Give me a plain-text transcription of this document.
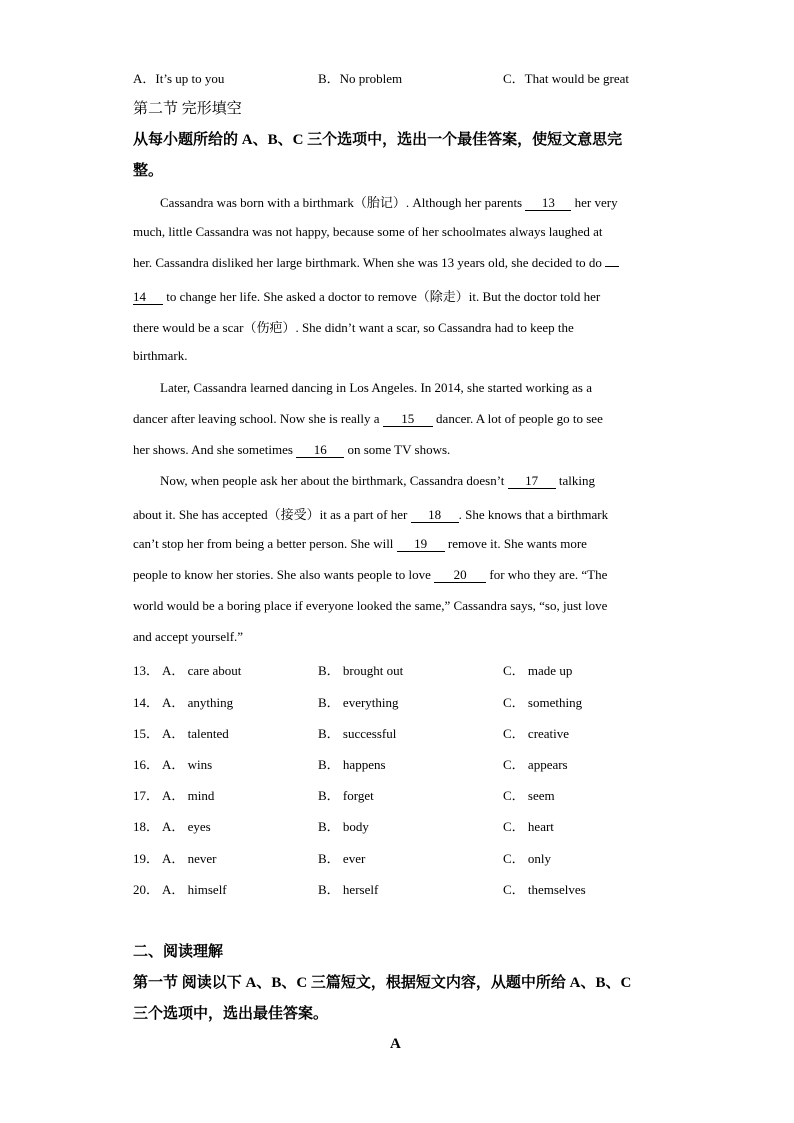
A．It’s up to you	B．No problem	C．That would be great
第二节 完形填空
从每小题所给的 A、B、C 三个选项中，选出一个最佳答案，使短文意思完
整。
Cassandra was born with a birthmark（胎记）. Although her parents 13 her very
much, little Cassandra was not happy, because some of her schoolmates always laughed at
her. Cassandra disliked her large birthmark. When she was 13 years old, she decided to do
14 to change her life. She asked a doctor to remove（除走）it. But the doctor told her
there would be a scar（伤疤）. She didn’t want a scar, so Cassandra had to keep the
birthmark.
Later, Cassandra learned dancing in Los Angeles. In 2014, she started working as a
dancer after leaving school. Now she is really a 15 dancer. A lot of people go to see
her shows. And she sometimes 16 on some TV shows.
Now, when people ask her about the birthmark, Cassandra doesn’t 17 talking
about it. She has accepted（接受）it as a part of her 18 . She knows that a birthmark
can’t stop her from being a better person. She will 19 remove it. She wants more
people to know her stories. She also wants people to love 20 for who they are. “The
world would be a boring place if everyone looked the same,” Cassandra says, “so, just love
and accept yourself.”
13． A． care about	B． brought out	C． made up
14． A． anything	B． everything	C． something
15． A． talented	B． successful	C． creative
16． A． wins	B． happens	C． appears
17． A． mind	B． forget	C． seem
18． A． eyes	B． body	C． heart
19． A． never	B． ever	C． only
20． A． himself	B． herself	C． themselves
二、阅读理解
第一节 阅读以下 A、B、C 三篇短文，根据短文内容，从题中所给 A、B、C
三个选项中，选出最佳答案。
A
